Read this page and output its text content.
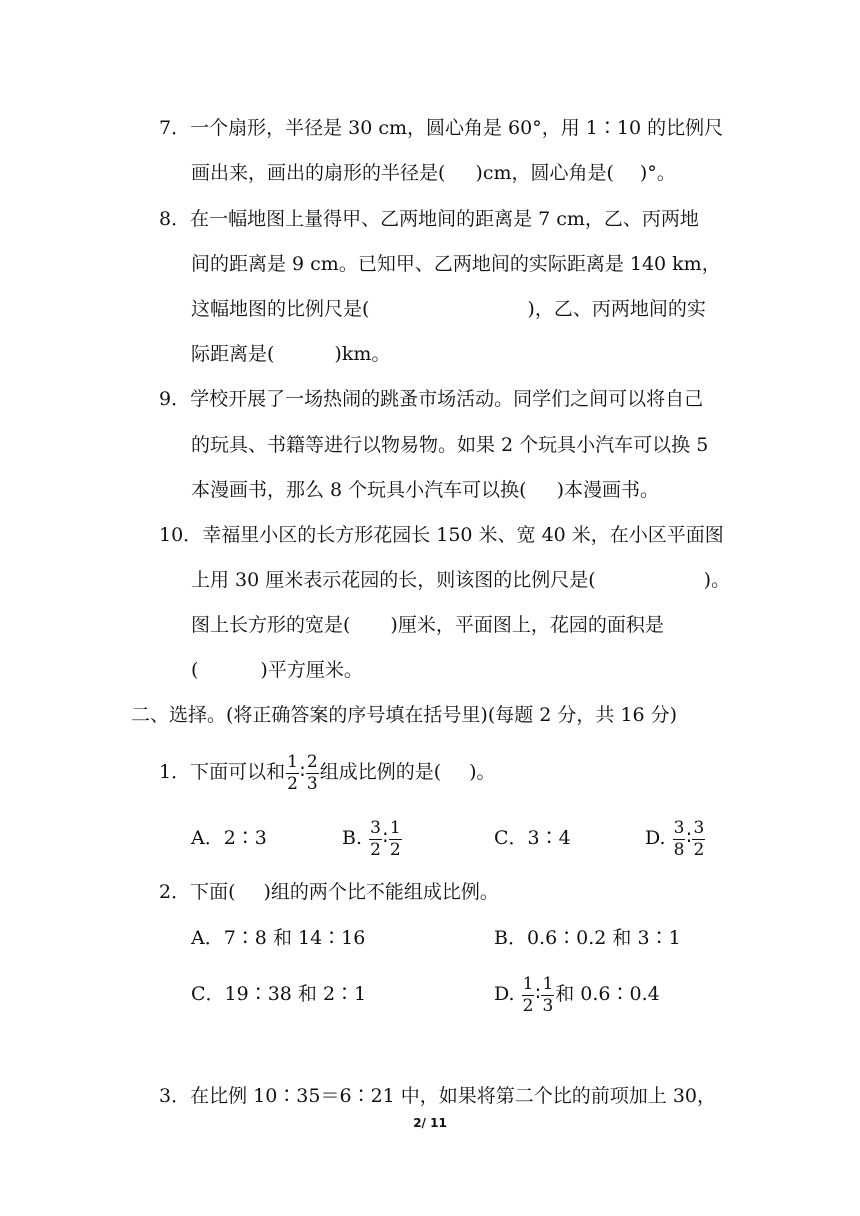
7．一个扇形，半径是 30 cm，圆心角是 60°，用 1∶10 的比例尺
画出来，画出的扇形的半径是( )cm，圆心角是( )°。
8．在一幅地图上量得甲、乙两地间的距离是 7 cm，乙、丙两地
间的距离是 9 cm。已知甲、乙两地间的实际距离是 140 km，
这幅地图的比例尺是(	)，乙、丙两地间的实
际距离是(	)km。
9．学校开展了一场热闹的跳蚤市场活动。同学们之间可以将自己
的玩具、书籍等进行以物易物。如果 2 个玩具小汽车可以换 5
本漫画书，那么 8 个玩具小汽车可以换( )本漫画书。
10．幸福里小区的长方形花园长 150 米、宽 40 米，在小区平面图
上用 30 厘米表示花园的长，则该图的比例尺是(	)。
图上长方形的宽是( )厘米，平面图上，花园的面积是
(	)平方厘米。
二、选择。(将正确答案的序号填在括号里)(每题 2 分，共 16 分)
1．下面可以和 $\frac{1}{2}$ ∶ $\frac{2}{3}$ 组成比例的是( )。
A．2∶3	B. $\frac{3}{2}$ ∶ $\frac{1}{2}$	C．3∶4	D. $\frac{3}{8}$ ∶ $\frac{3}{2}$
2．下面( )组的两个比不能组成比例。
A．7∶8 和 14∶16	B．0.6∶0.2 和 3∶1
C．19∶38 和 2∶1	D. $\frac{1}{2}$ ∶ $\frac{1}{3}$ 和 0.6∶0.4
3．在比例 10∶35＝6∶21 中，如果将第二个比的前项加上 30，
2/ 11
